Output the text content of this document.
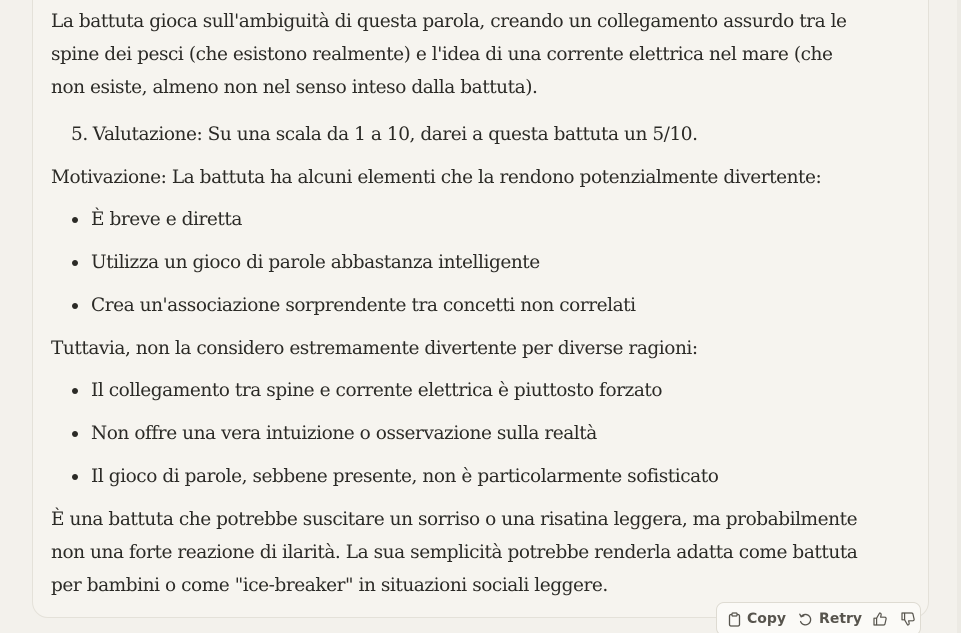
La battuta gioca sull'ambiguità di questa parola, creando un collegamento assurdo tra le spine dei pesci (che esistono realmente) e l'idea di una corrente elettrica nel mare (che non esiste, almeno non nel senso inteso dalla battuta).

5. Valutazione: Su una scala da 1 a 10, darei a questa battuta un 5/10.

Motivazione: La battuta ha alcuni elementi che la rendono potenzialmente divertente:

È breve e diretta
Utilizza un gioco di parole abbastanza intelligente
Crea un'associazione sorprendente tra concetti non correlati

Tuttavia, non la considero estremamente divertente per diverse ragioni:

Il collegamento tra spine e corrente elettrica è piuttosto forzato
Non offre una vera intuizione o osservazione sulla realtà
Il gioco di parole, sebbene presente, non è particolarmente sofisticato

È una battuta che potrebbe suscitare un sorriso o una risatina leggera, ma probabilmente non una forte reazione di ilarità. La sua semplicità potrebbe renderla adatta come battuta per bambini o come "ice-breaker" in situazioni sociali leggere.

Copy Retry
